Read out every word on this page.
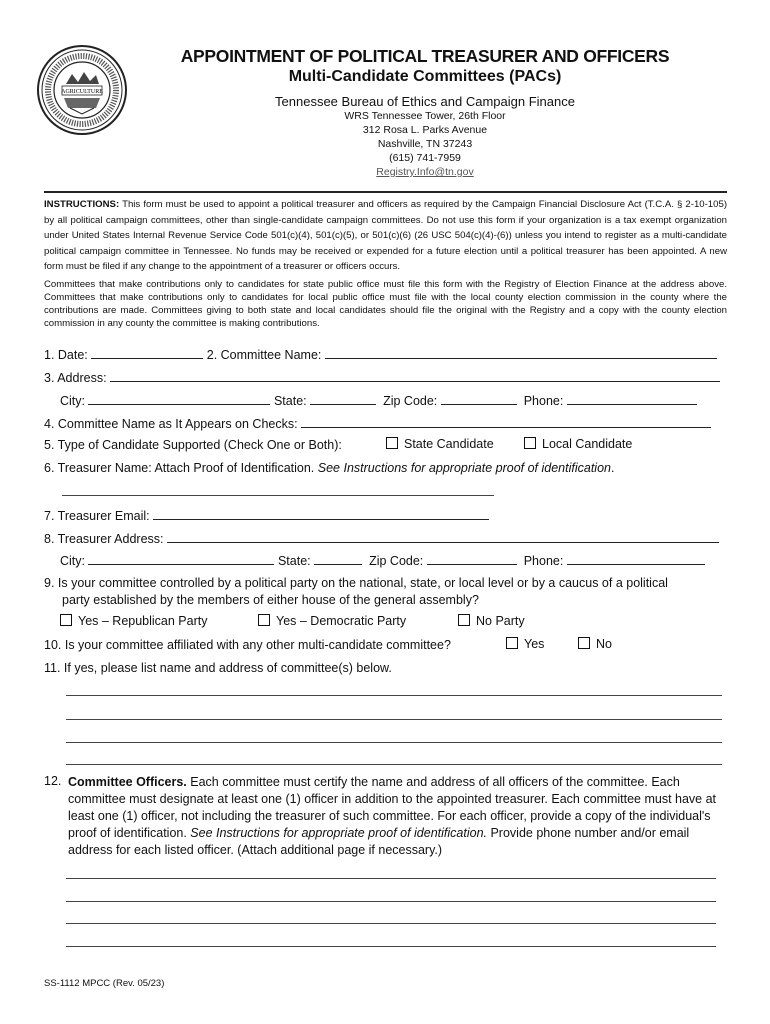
AGRICULTURE
APPOINTMENT OF POLITICAL TREASURER AND OFFICERS
Multi-Candidate Committees (PACs)
Tennessee Bureau of Ethics and Campaign Finance
WRS Tennessee Tower, 26th Floor
312 Rosa L. Parks Avenue
Nashville, TN 37243
(615) 741-7959
Registry.Info@tn.gov
INSTRUCTIONS: This form must be used to appoint a political treasurer and officers as required by the Campaign Financial Disclosure Act (T.C.A. § 2-10-105) by all political campaign committees, other than single-candidate campaign committees. Do not use this form if your organization is a tax exempt organization under United States Internal Revenue Service Code 501(c)(4), 501(c)(5), or 501(c)(6) (26 USC 504(c)(4)-(6)) unless you intend to register as a multi-candidate political campaign committee in Tennessee. No funds may be received or expended for a future election until a political treasurer has been appointed. A new form must be filed if any change to the appointment of a treasurer or officers occurs.
Committees that make contributions only to candidates for state public office must file this form with the Registry of Election Finance at the address above. Committees that make contributions only to candidates for local public office must file with the local county election commission in the county where the contributions are made. Committees giving to both state and local candidates should file the original with the Registry and a copy with the county election commission in any county the committee is making contributions.
1. Date:	2. Committee Name:
3. Address:
City:	State:	Zip Code:	Phone:
4. Committee Name as It Appears on Checks:
5. Type of Candidate Supported (Check One or Both):	State Candidate	Local Candidate
6. Treasurer Name: Attach Proof of Identification. See Instructions for appropriate proof of identification.
7. Treasurer Email:
8. Treasurer Address:
City:	State:	Zip Code:	Phone:
9. Is your committee controlled by a political party on the national, state, or local level or by a caucus of a political
party established by the members of either house of the general assembly?
Yes – Republican Party	Yes – Democratic Party	No Party
10. Is your committee affiliated with any other multi-candidate committee?	Yes	No
11. If yes, please list name and address of committee(s) below.
12. Committee Officers. Each committee must certify the name and address of all officers of the committee. Each committee must designate at least one (1) officer in addition to the appointed treasurer. Each committee must have at least one (1) officer, not including the treasurer of such committee. For each officer, provide a copy of the individual's proof of identification. See Instructions for appropriate proof of identification. Provide phone number and/or email address for each listed officer. (Attach additional page if necessary.)
SS-1112 MPCC (Rev. 05/23)
